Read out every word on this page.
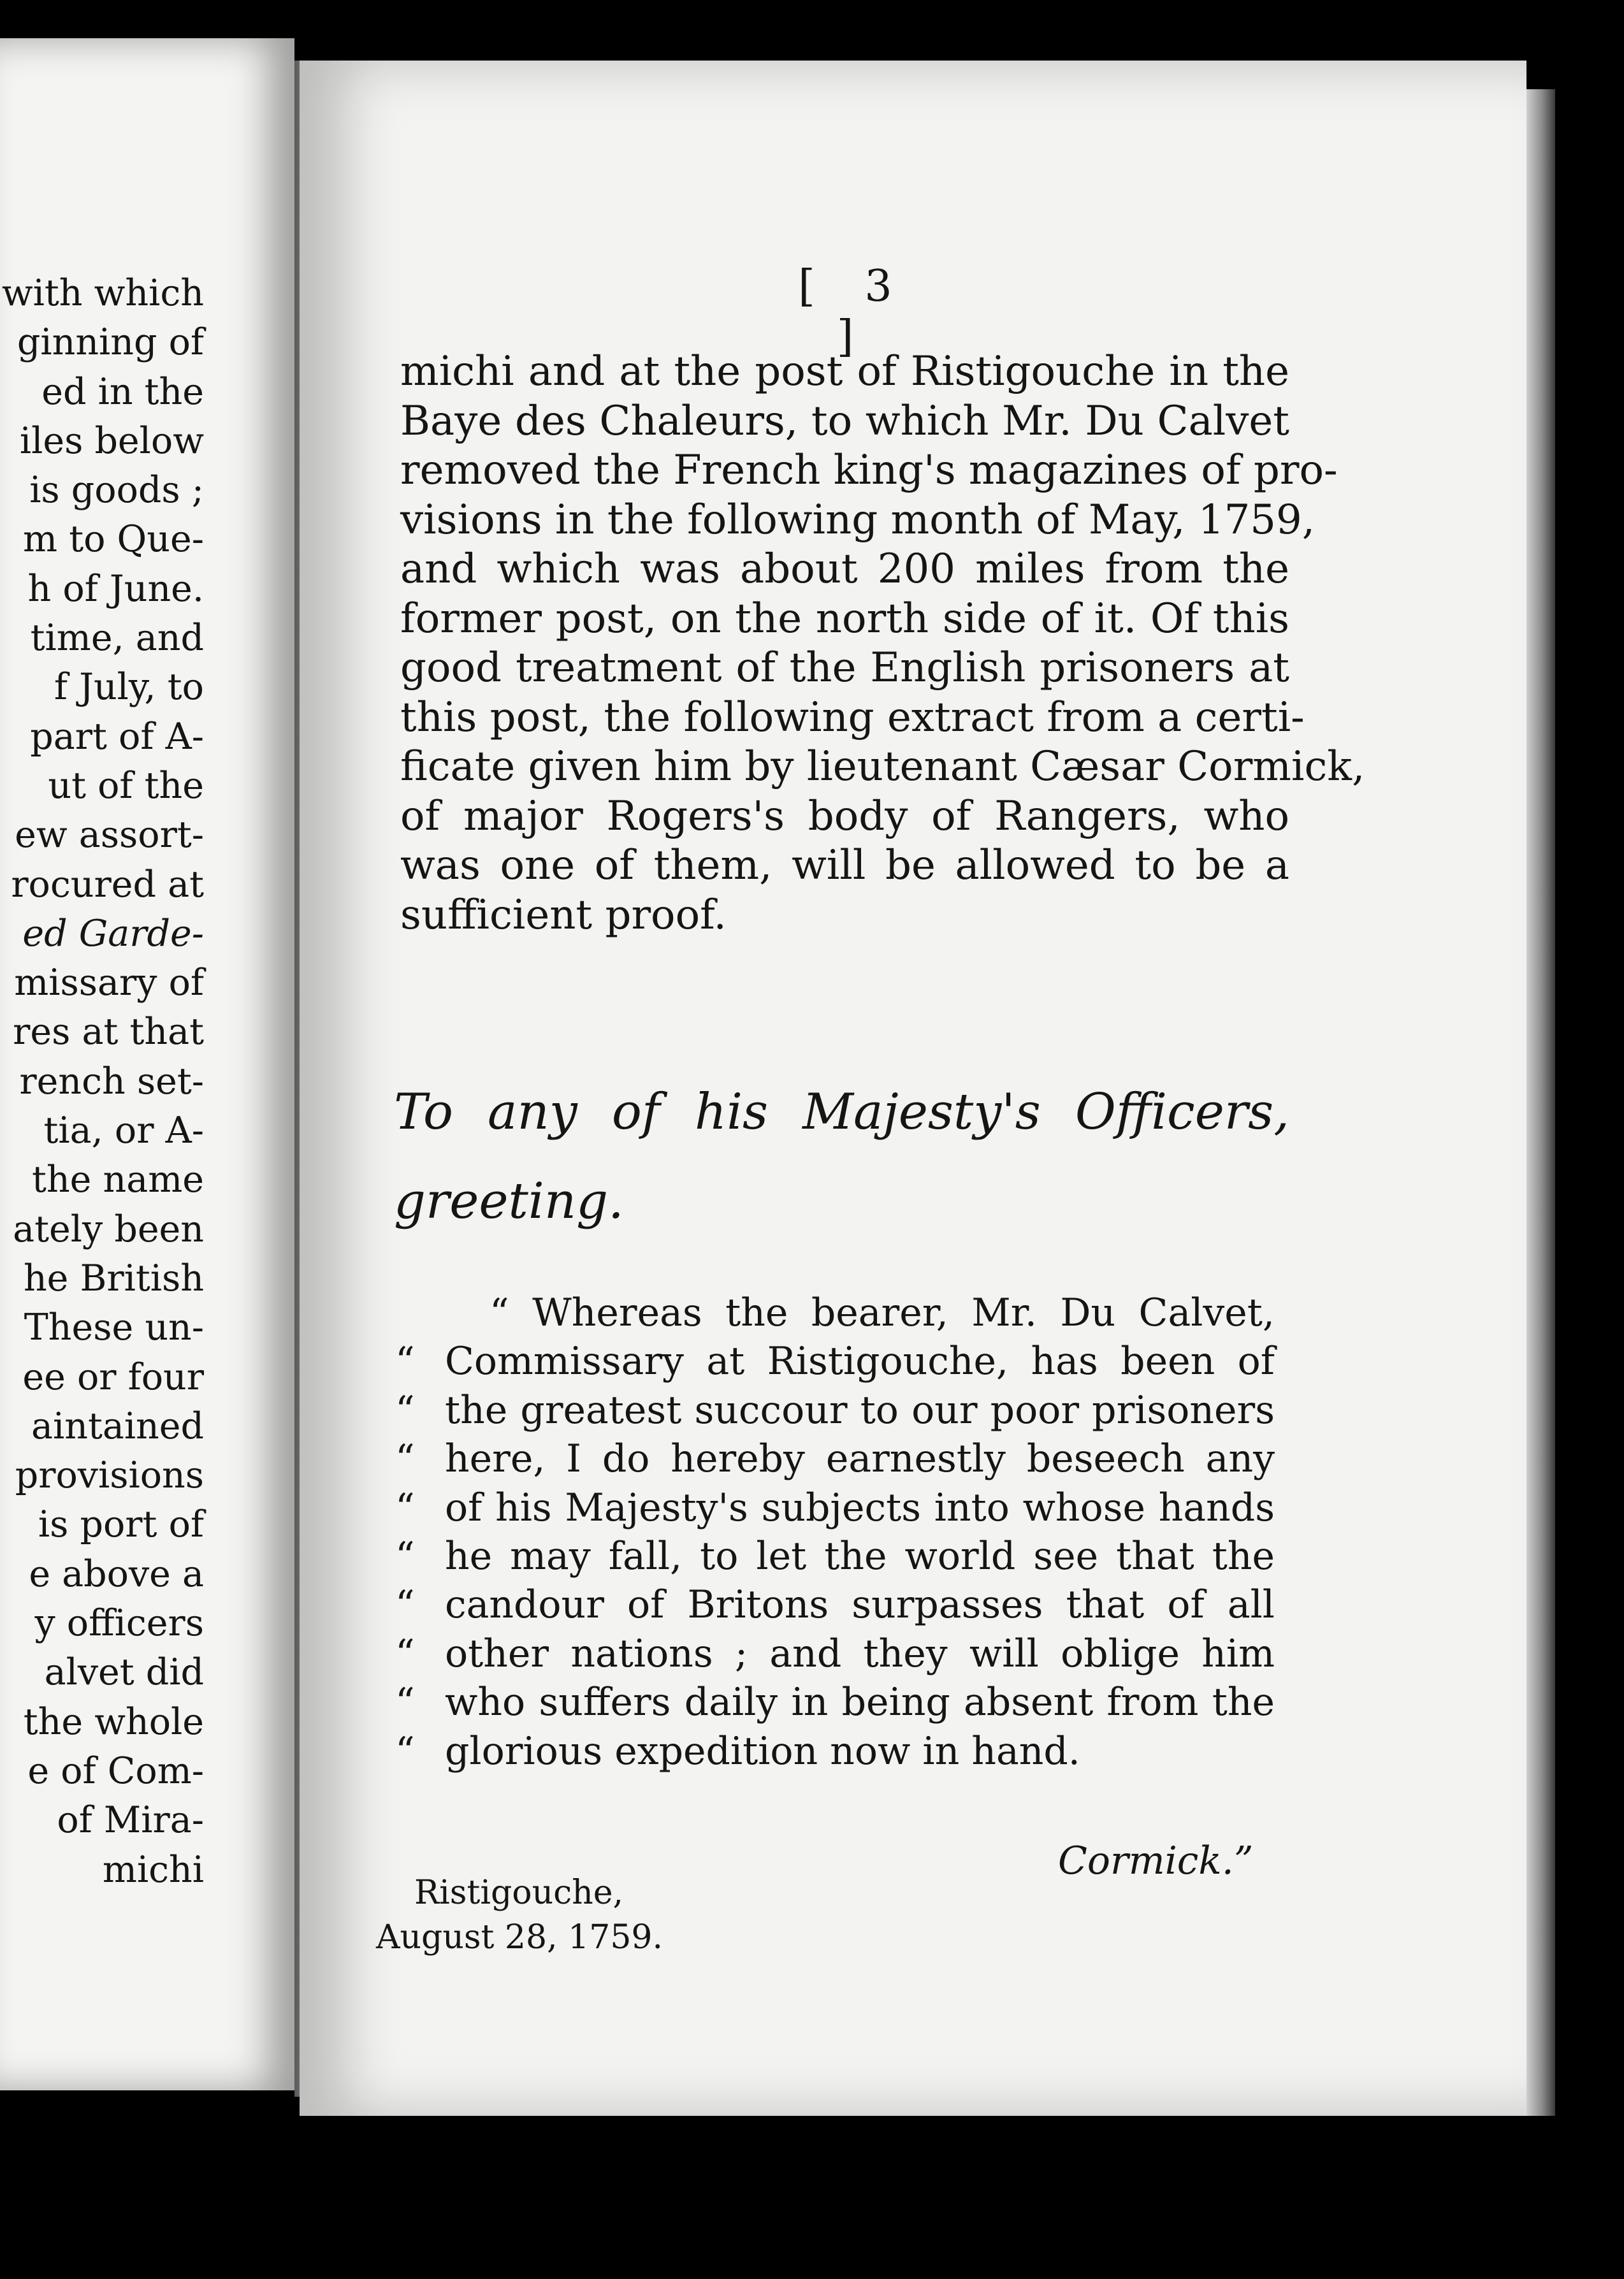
with which
ginning of
ed in the
iles below
is goods ;
m to Que-
h of June.
time, and
f July, to
part of A-
ut of the
ew assort-
rocured at
ed Garde-
missary of
res at that
rench set-
tia, or A-
the name
ately been
he British
These un-
ee or four
aintained
provisions
is port of
e above a
y officers
alvet did
the whole
e of Com-
of Mira-
michi
[ 3 ]
michi and at the post of Ristigouche in the
Baye des Chaleurs, to which Mr. Du Calvet
removed the French king's magazines of pro-
visions in the following month of May, 1759,
and which was about 200 miles from the
former post, on the north side of it. Of this
good treatment of the English prisoners at
this post, the following extract from a certi-
ficate given him by lieutenant Cæsar Cormick,
of major Rogers's body of Rangers, who
was one of them, will be allowed to be a
sufficient proof.
To any of his Majesty's Officers,
greeting.
“ Whereas the bearer, Mr. Du Calvet,
“ Commissary at Ristigouche, has been of
“ the greatest succour to our poor prisoners
“ here, I do hereby earnestly beseech any
“ of his Majesty's subjects into whose hands
“ he may fall, to let the world see that the
“ candour of Britons surpasses that of all
“ other nations ; and they will oblige him
“ who suffers daily in being absent from the
“ glorious expedition now in hand.
Cormick.”
Ristigouche,
August 28, 1759.
